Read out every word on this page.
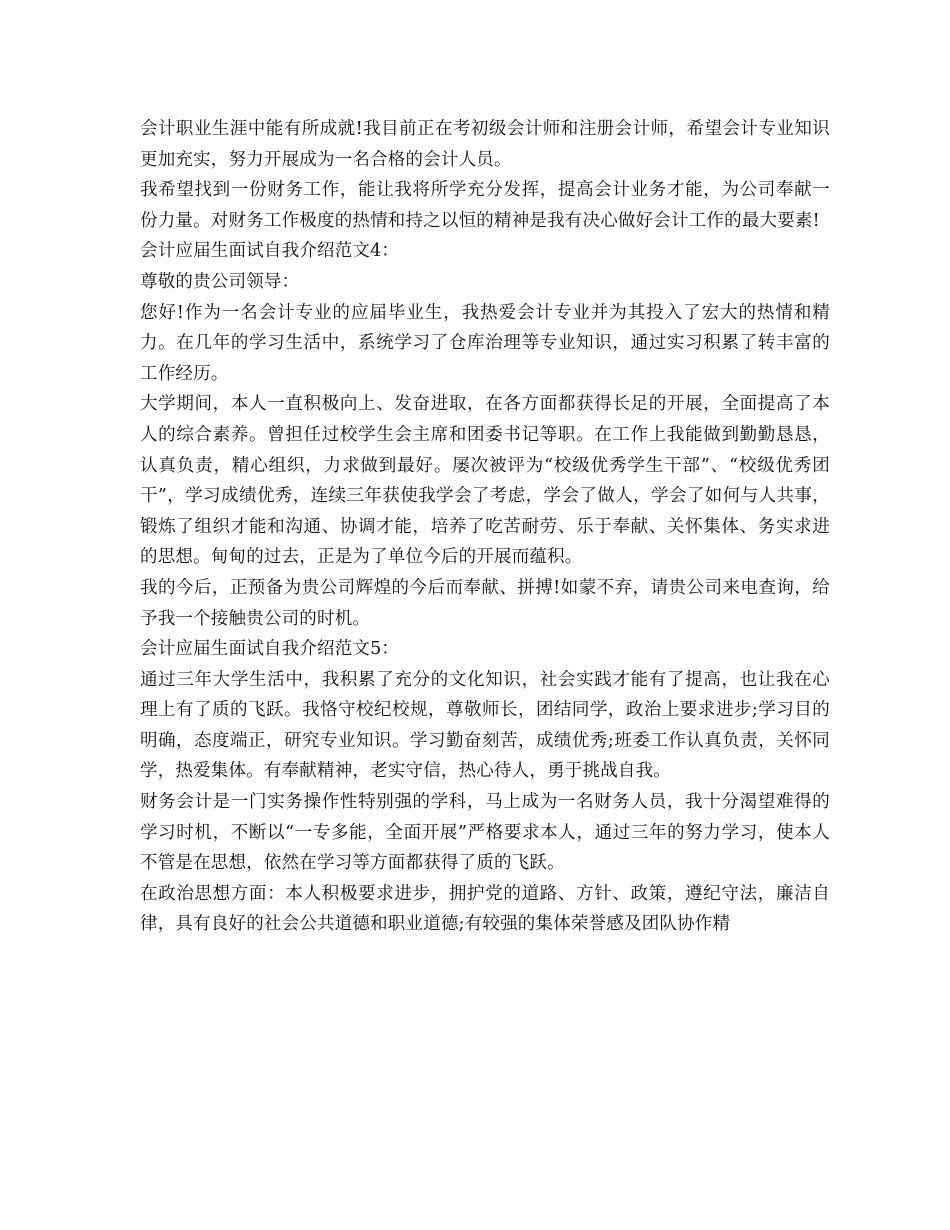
会计职业生涯中能有所成就!我目前正在考初级会计师和注册会计师，希望会计专业知识更加充实，努力开展成为一名合格的会计人员。

我希望找到一份财务工作，能让我将所学充分发挥，提高会计业务才能，为公司奉献一份力量。对财务工作极度的热情和持之以恒的精神是我有决心做好会计工作的最大要素!

会计应届生面试自我介绍范文4：

尊敬的贵公司领导：

您好!作为一名会计专业的应届毕业生，我热爱会计专业并为其投入了宏大的热情和精力。在几年的学习生活中，系统学习了仓库治理等专业知识，通过实习积累了转丰富的工作经历。

大学期间，本人一直积极向上、发奋进取，在各方面都获得长足的开展，全面提高了本人的综合素养。曾担任过校学生会主席和团委书记等职。在工作上我能做到勤勤恳恳，认真负责，精心组织，力求做到最好。屡次被评为“校级优秀学生干部”、“校级优秀团干”，学习成绩优秀，连续三年获使我学会了考虑，学会了做人，学会了如何与人共事，锻炼了组织才能和沟通、协调才能，培养了吃苦耐劳、乐于奉献、关怀集体、务实求进的思想。甸甸的过去，正是为了单位今后的开展而蕴积。

我的今后，正预备为贵公司辉煌的今后而奉献、拼搏!如蒙不弃，请贵公司来电查询，给予我一个接触贵公司的时机。

会计应届生面试自我介绍范文5：

通过三年大学生活中，我积累了充分的文化知识，社会实践才能有了提高，也让我在心理上有了质的飞跃。我恪守校纪校规，尊敬师长，团结同学，政治上要求进步;学习目的明确，态度端正，研究专业知识。学习勤奋刻苦，成绩优秀;班委工作认真负责，关怀同学，热爱集体。有奉献精神，老实守信，热心待人，勇于挑战自我。

财务会计是一门实务操作性特别强的学科，马上成为一名财务人员，我十分渴望难得的学习时机，不断以“一专多能，全面开展”严格要求本人，通过三年的努力学习，使本人不管是在思想，依然在学习等方面都获得了质的飞跃。

在政治思想方面：本人积极要求进步，拥护党的道路、方针、政策，遵纪守法，廉洁自律，具有良好的社会公共道德和职业道德;有较强的集体荣誉感及团队协作精
